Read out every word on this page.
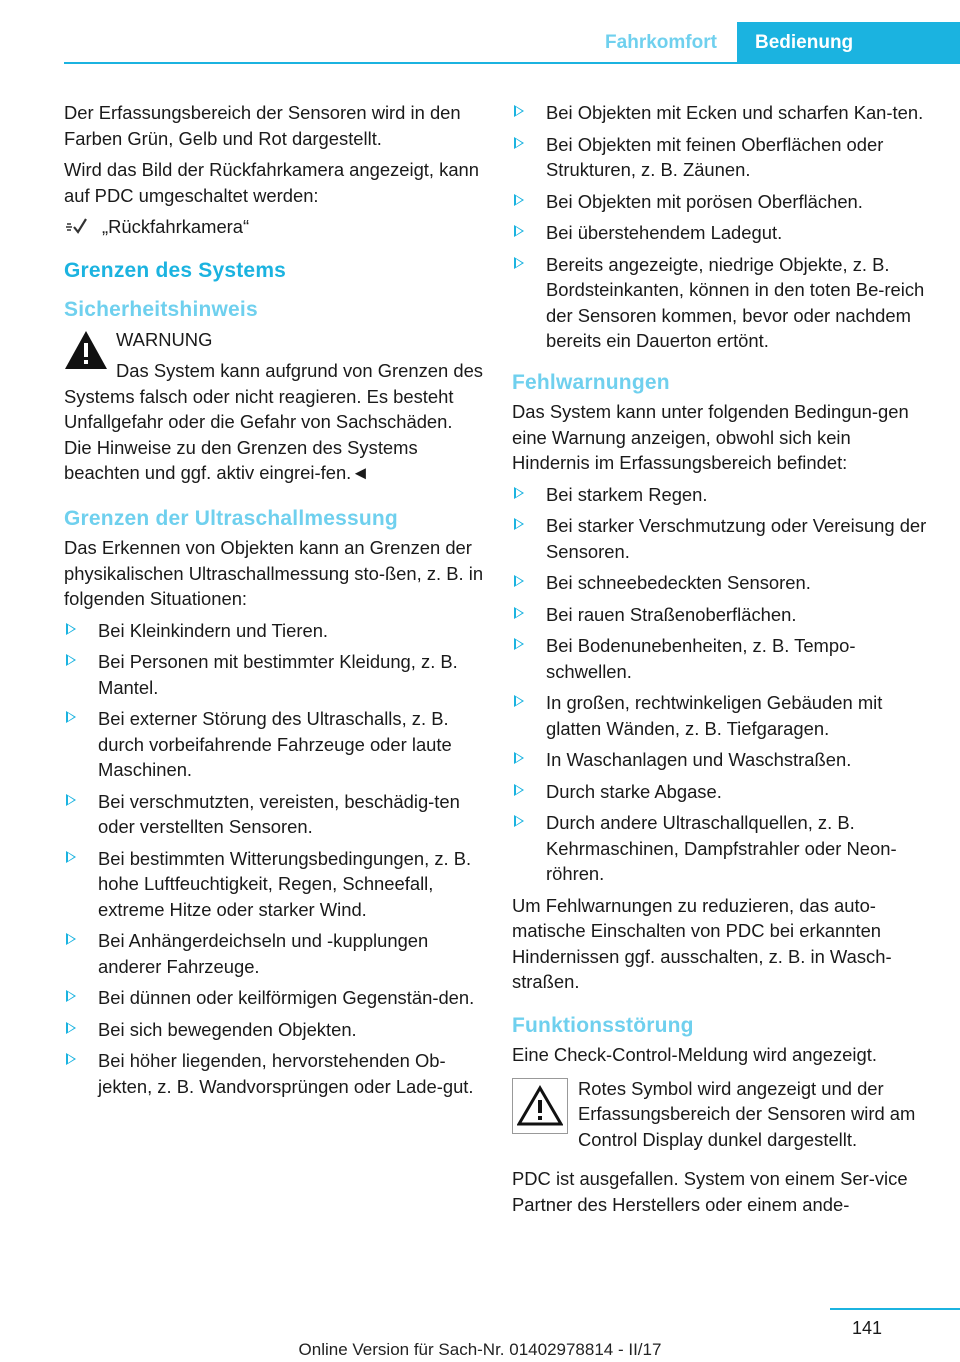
Fahrkomfort	Bedienung

Der Erfassungsbereich der Sensoren wird in den Farben Grün, Gelb und Rot dargestellt.

Wird das Bild der Rückfahrkamera angezeigt, kann auf PDC umgeschaltet werden:

„Rückfahrkamera“
Grenzen des Systems
Sicherheitshinweis
WARNUNG

Das System kann aufgrund von Grenzen des Systems falsch oder nicht reagieren. Es besteht Unfallgefahr oder die Gefahr von Sachschäden. Die Hinweise zu den Grenzen des Systems beachten und ggf. aktiv eingrei-fen.◄

Grenzen der Ultraschallmessung

Das Erkennen von Objekten kann an Grenzen der physikalischen Ultraschallmessung sto-ßen, z. B. in folgenden Situationen:

Bei Kleinkindern und Tieren.
Bei Personen mit bestimmter Kleidung, z. B. Mantel.
Bei externer Störung des Ultraschalls, z. B. durch vorbeifahrende Fahrzeuge oder laute Maschinen.
Bei verschmutzten, vereisten, beschädig-ten oder verstellten Sensoren.
Bei bestimmten Witterungsbedingungen, z. B. hohe Luftfeuchtigkeit, Regen, Schneefall, extreme Hitze oder starker Wind.
Bei Anhängerdeichseln und -kupplungen anderer Fahrzeuge.
Bei dünnen oder keilförmigen Gegenstän-den.
Bei sich bewegenden Objekten.
Bei höher liegenden, hervorstehenden Ob-jekten, z. B. Wandvorsprüngen oder Lade-gut.
Bei Objekten mit Ecken und scharfen Kan-ten.
Bei Objekten mit feinen Oberflächen oder Strukturen, z. B. Zäunen.
Bei Objekten mit porösen Oberflächen.
Bei überstehendem Ladegut.
Bereits angezeigte, niedrige Objekte, z. B. Bordsteinkanten, können in den toten Be-reich der Sensoren kommen, bevor oder nachdem bereits ein Dauerton ertönt.
Fehlwarnungen

Das System kann unter folgenden Bedingun-gen eine Warnung anzeigen, obwohl sich kein Hindernis im Erfassungsbereich befindet:

Bei starkem Regen.
Bei starker Verschmutzung oder Vereisung der Sensoren.
Bei schneebedeckten Sensoren.
Bei rauen Straßenoberflächen.
Bei Bodenunebenheiten, z. B. Tempo-schwellen.
In großen, rechtwinkeligen Gebäuden mit glatten Wänden, z. B. Tiefgaragen.
In Waschanlagen und Waschstraßen.
Durch starke Abgase.
Durch andere Ultraschallquellen, z. B. Kehrmaschinen, Dampfstrahler oder Neon-röhren.

Um Fehlwarnungen zu reduzieren, das auto-matische Einschalten von PDC bei erkannten Hindernissen ggf. ausschalten, z. B. in Wasch-straßen.

Funktionsstörung

Eine Check-Control-Meldung wird angezeigt.

Rotes Symbol wird angezeigt und der Erfassungsbereich der Sensoren wird am Control Display dunkel dargestellt.

PDC ist ausgefallen. System von einem Ser-vice Partner des Herstellers oder einem ande-

141
Online Version für Sach-Nr. 01402978814 - II/17
